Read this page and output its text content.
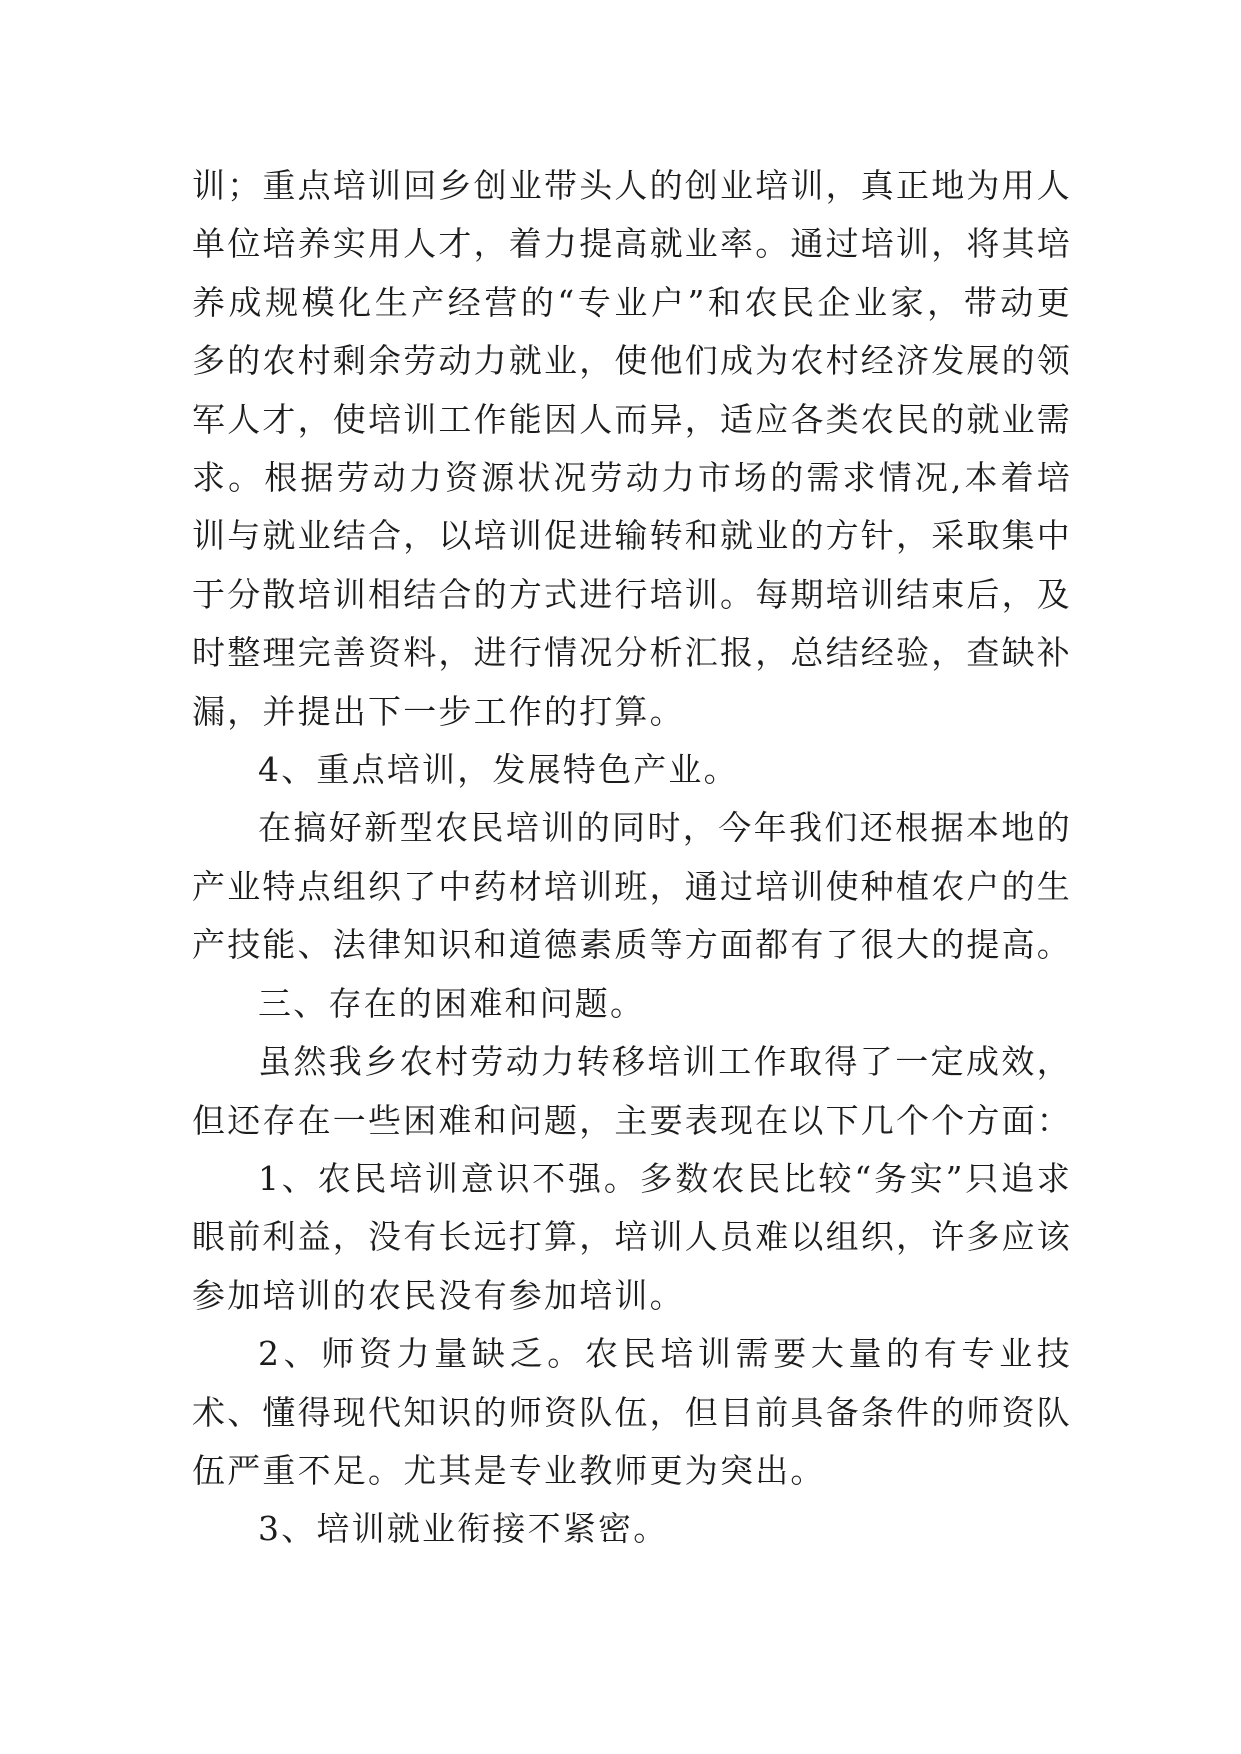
训；重点培训回乡创业带头人的创业培训，真正地为用人单位培养实用人才，着力提高就业率。通过培训，将其培养成规模化生产经营的“专业户”和农民企业家，带动更多的农村剩余劳动力就业，使他们成为农村经济发展的领军人才，使培训工作能因人而异，适应各类农民的就业需求。根据劳动力资源状况劳动力市场的需求情况,本着培训与就业结合，以培训促进输转和就业的方针，采取集中于分散培训相结合的方式进行培训。每期培训结束后，及时整理完善资料，进行情况分析汇报，总结经验，查缺补漏，并提出下一步工作的打算。

4、重点培训，发展特色产业。

在搞好新型农民培训的同时，今年我们还根据本地的产业特点组织了中药材培训班，通过培训使种植农户的生产技能、法律知识和道德素质等方面都有了很大的提高。

三、存在的困难和问题。

虽然我乡农村劳动力转移培训工作取得了一定成效，但还存在一些困难和问题，主要表现在以下几个个方面：

1、农民培训意识不强。多数农民比较“务实”只追求眼前利益，没有长远打算，培训人员难以组织，许多应该参加培训的农民没有参加培训。

2、师资力量缺乏。农民培训需要大量的有专业技术、懂得现代知识的师资队伍，但目前具备条件的师资队伍严重不足。尤其是专业教师更为突出。

3、培训就业衔接不紧密。
